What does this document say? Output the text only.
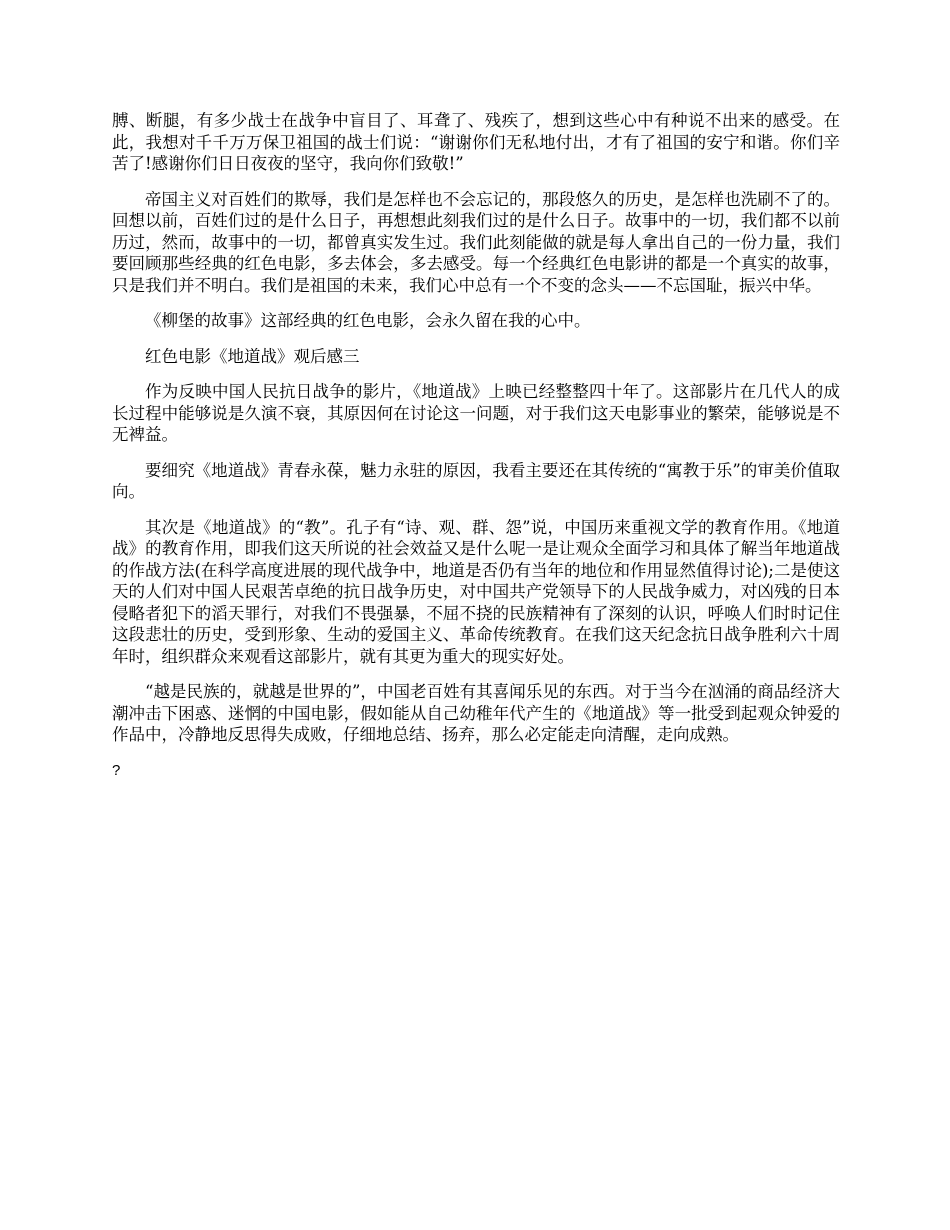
膊、断腿，有多少战士在战争中盲目了、耳聋了、残疾了，想到这些心中有种说不出来的感受。在此，我想对千千万万保卫祖国的战士们说：“谢谢你们无私地付出，才有了祖国的安宁和谐。你们辛苦了!感谢你们日日夜夜的坚守，我向你们致敬!”

帝国主义对百姓们的欺辱，我们是怎样也不会忘记的，那段悠久的历史，是怎样也洗刷不了的。回想以前，百姓们过的是什么日子，再想想此刻我们过的是什么日子。故事中的一切，我们都不以前历过，然而，故事中的一切，都曾真实发生过。我们此刻能做的就是每人拿出自己的一份力量，我们要回顾那些经典的红色电影，多去体会，多去感受。每一个经典红色电影讲的都是一个真实的故事，只是我们并不明白。我们是祖国的未来，我们心中总有一个不变的念头——不忘国耻，振兴中华。

《柳堡的故事》这部经典的红色电影，会永久留在我的心中。

红色电影《地道战》观后感三

作为反映中国人民抗日战争的影片，《地道战》上映已经整整四十年了。这部影片在几代人的成长过程中能够说是久演不衰，其原因何在讨论这一问题，对于我们这天电影事业的繁荣，能够说是不无裨益。

要细究《地道战》青春永葆，魅力永驻的原因，我看主要还在其传统的“寓教于乐”的审美价值取向。

其次是《地道战》的“教”。孔子有“诗、观、群、怨”说，中国历来重视文学的教育作用。《地道战》的教育作用，即我们这天所说的社会效益又是什么呢一是让观众全面学习和具体了解当年地道战的作战方法(在科学高度进展的现代战争中，地道是否仍有当年的地位和作用显然值得讨论);二是使这天的人们对中国人民艰苦卓绝的抗日战争历史，对中国共产党领导下的人民战争威力，对凶残的日本侵略者犯下的滔天罪行，对我们不畏强暴，不屈不挠的民族精神有了深刻的认识，呼唤人们时时记住这段悲壮的历史，受到形象、生动的爱国主义、革命传统教育。在我们这天纪念抗日战争胜利六十周年时，组织群众来观看这部影片，就有其更为重大的现实好处。

“越是民族的，就越是世界的”，中国老百姓有其喜闻乐见的东西。对于当今在汹涌的商品经济大潮冲击下困惑、迷惘的中国电影，假如能从自己幼稚年代产生的《地道战》等一批受到起观众钟爱的作品中，冷静地反思得失成败，仔细地总结、扬弃，那么必定能走向清醒，走向成熟。

?
